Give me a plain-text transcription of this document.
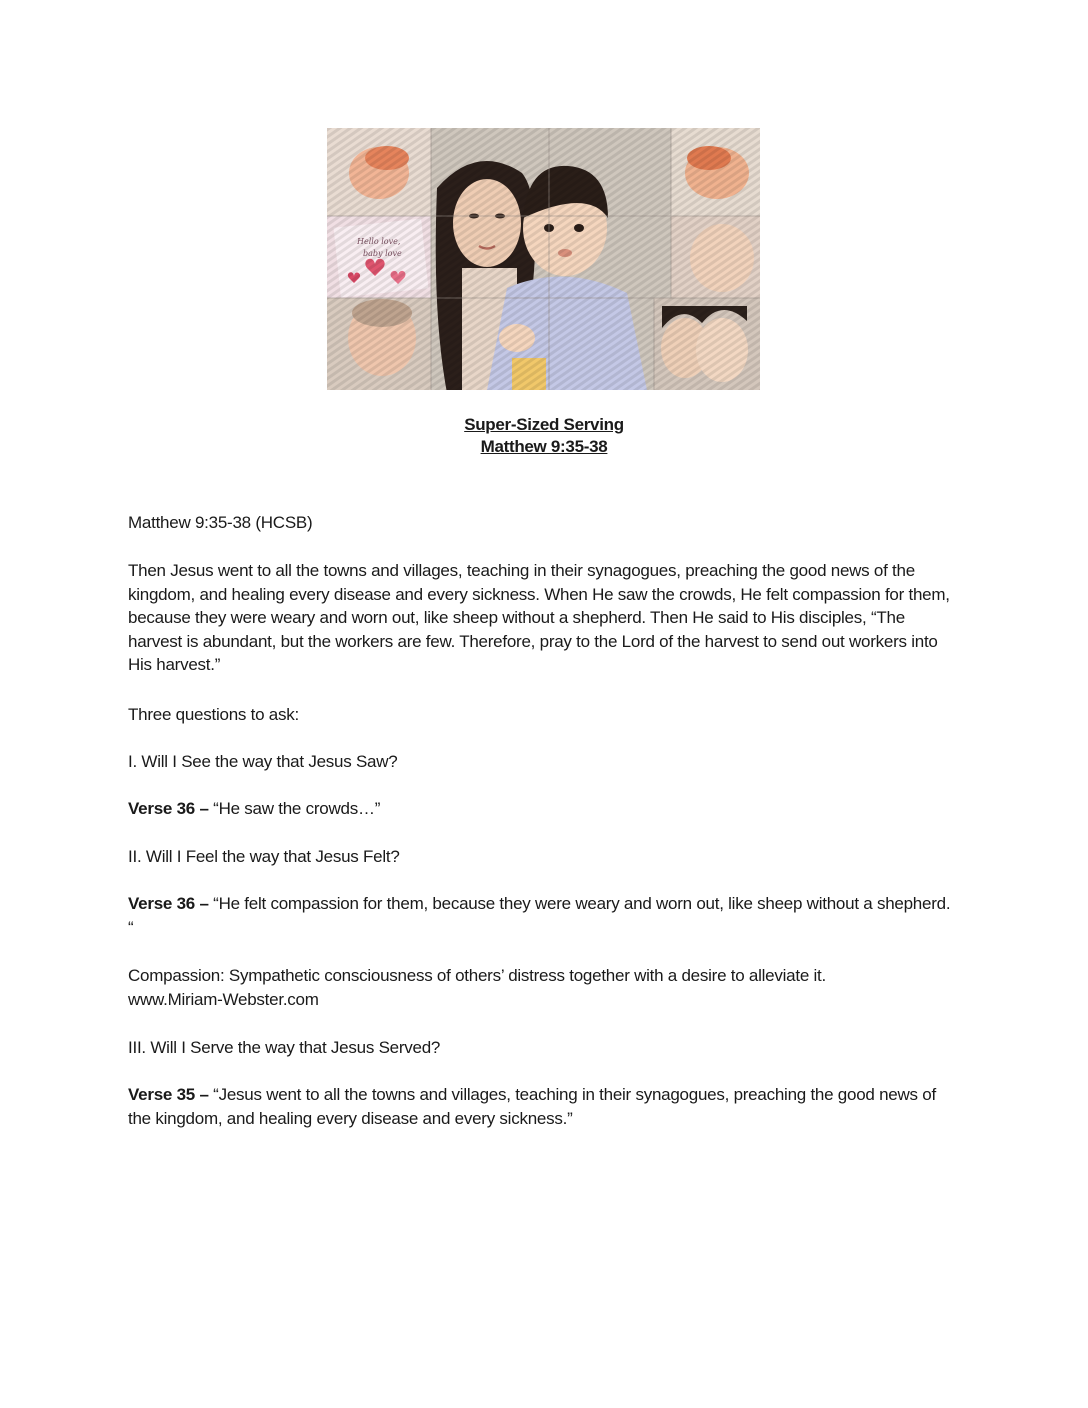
Super-Sized Serving
Matthew 9:35-38

Matthew 9:35-38 (HCSB)

Then Jesus went to all the towns and villages, teaching in their synagogues, preaching the good news of the kingdom, and healing every disease and every sickness. When He saw the crowds, He felt compassion for them, because they were weary and worn out, like sheep without a shepherd. Then He said to His disciples, “The harvest is abundant, but the workers are few. Therefore, pray to the Lord of the harvest to send out workers into His harvest.”

Three questions to ask:

I. Will I See the way that Jesus Saw?

Verse 36 – “He saw the crowds…”

II. Will I Feel the way that Jesus Felt?

Verse 36 – “He felt compassion for them, because they were weary and worn out, like sheep without a shepherd. “

Compassion: Sympathetic consciousness of others’ distress together with a desire to alleviate it.

www.Miriam-Webster.com

III. Will I Serve the way that Jesus Served?

Verse 35 – “Jesus went to all the towns and villages, teaching in their synagogues, preaching the good news of the kingdom, and healing every disease and every sickness.”
